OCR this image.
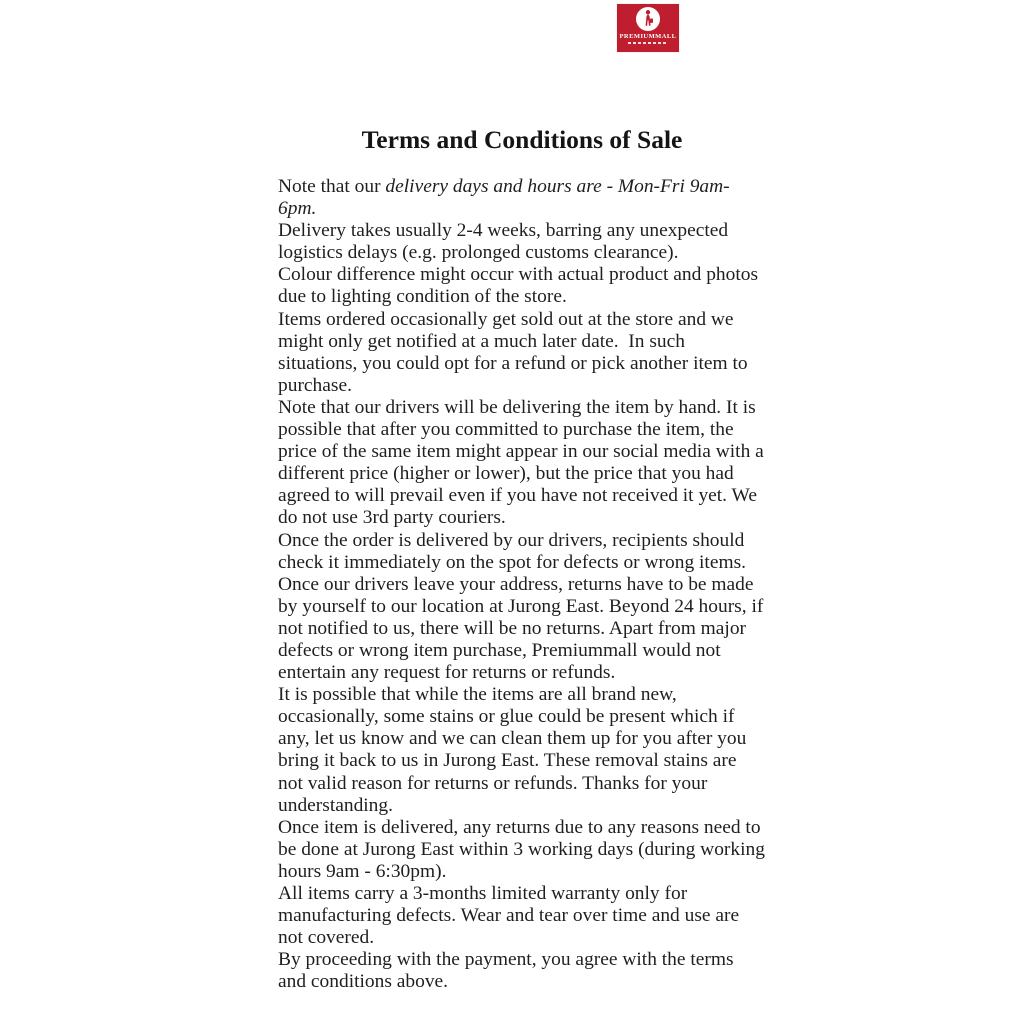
PREMIUMMALL
Terms and Conditions of Sale

Note that our delivery days and hours are - Mon-Fri 9am-6pm.

Delivery takes usually 2-4 weeks, barring any unexpected logistics delays (e.g. prolonged customs clearance).

Colour difference might occur with actual product and photos due to lighting condition of the store.

Items ordered occasionally get sold out at the store and we might only get notified at a much later date.  In such situations, you could opt for a refund or pick another item to purchase.

Note that our drivers will be delivering the item by hand. It is possible that after you committed to purchase the item, the price of the same item might appear in our social media with a different price (higher or lower), but the price that you had agreed to will prevail even if you have not received it yet. We do not use 3rd party couriers.

Once the order is delivered by our drivers, recipients should check it immediately on the spot for defects or wrong items.

Once our drivers leave your address, returns have to be made by yourself to our location at Jurong East. Beyond 24 hours, if not notified to us, there will be no returns. Apart from major defects or wrong item purchase, Premiummall would not entertain any request for returns or refunds.

It is possible that while the items are all brand new, occasionally, some stains or glue could be present which if any, let us know and we can clean them up for you after you bring it back to us in Jurong East. These removal stains are not valid reason for returns or refunds. Thanks for your understanding.

Once item is delivered, any returns due to any reasons need to be done at Jurong East within 3 working days (during working hours 9am - 6:30pm).

All items carry a 3-months limited warranty only for manufacturing defects. Wear and tear over time and use are not covered.

By proceeding with the payment, you agree with the terms and conditions above.
